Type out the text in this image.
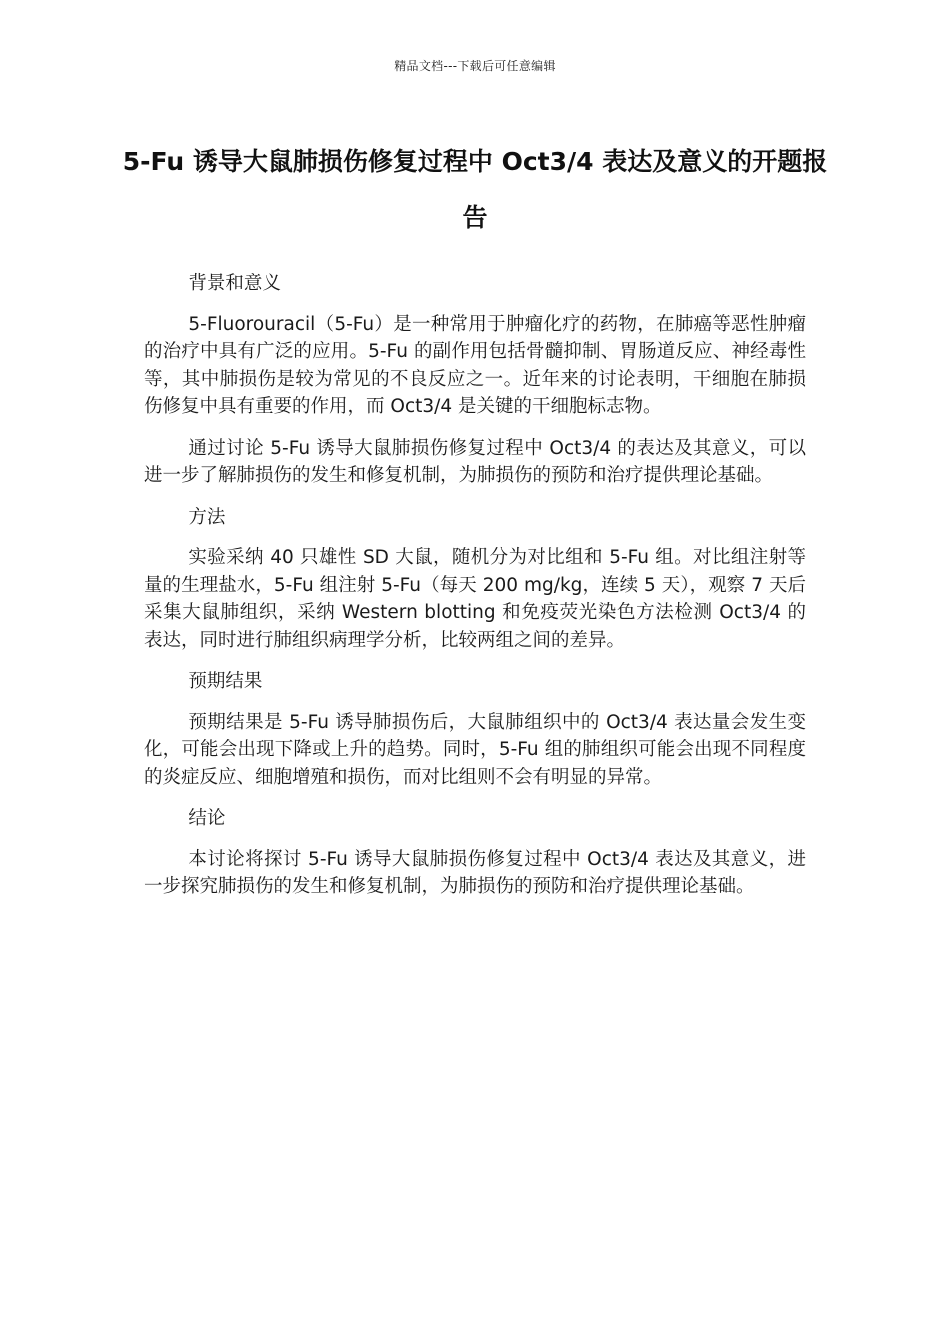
精品文档---下载后可任意编辑
5-Fu 诱导大鼠肺损伤修复过程中 Oct3/4 表达及意义的开题报告

背景和意义

5-Fluorouracil（5-Fu）是一种常用于肿瘤化疗的药物，在肺癌等恶性肿瘤的治疗中具有广泛的应用。5-Fu 的副作用包括骨髓抑制、胃肠道反应、神经毒性等，其中肺损伤是较为常见的不良反应之一。近年来的讨论表明，干细胞在肺损伤修复中具有重要的作用，而 Oct3/4 是关键的干细胞标志物。

通过讨论 5-Fu 诱导大鼠肺损伤修复过程中 Oct3/4 的表达及其意义，可以进一步了解肺损伤的发生和修复机制，为肺损伤的预防和治疗提供理论基础。

方法

实验采纳 40 只雄性 SD 大鼠，随机分为对比组和 5-Fu 组。对比组注射等量的生理盐水，5-Fu 组注射 5-Fu（每天 200 mg/kg，连续 5 天），观察 7 天后采集大鼠肺组织，采纳 Western blotting 和免疫荧光染色方法检测 Oct3/4 的表达，同时进行肺组织病理学分析，比较两组之间的差异。

预期结果

预期结果是 5-Fu 诱导肺损伤后，大鼠肺组织中的 Oct3/4 表达量会发生变化，可能会出现下降或上升的趋势。同时，5-Fu 组的肺组织可能会出现不同程度的炎症反应、细胞增殖和损伤，而对比组则不会有明显的异常。

结论

本讨论将探讨 5-Fu 诱导大鼠肺损伤修复过程中 Oct3/4 表达及其意义，进一步探究肺损伤的发生和修复机制，为肺损伤的预防和治疗提供理论基础。
